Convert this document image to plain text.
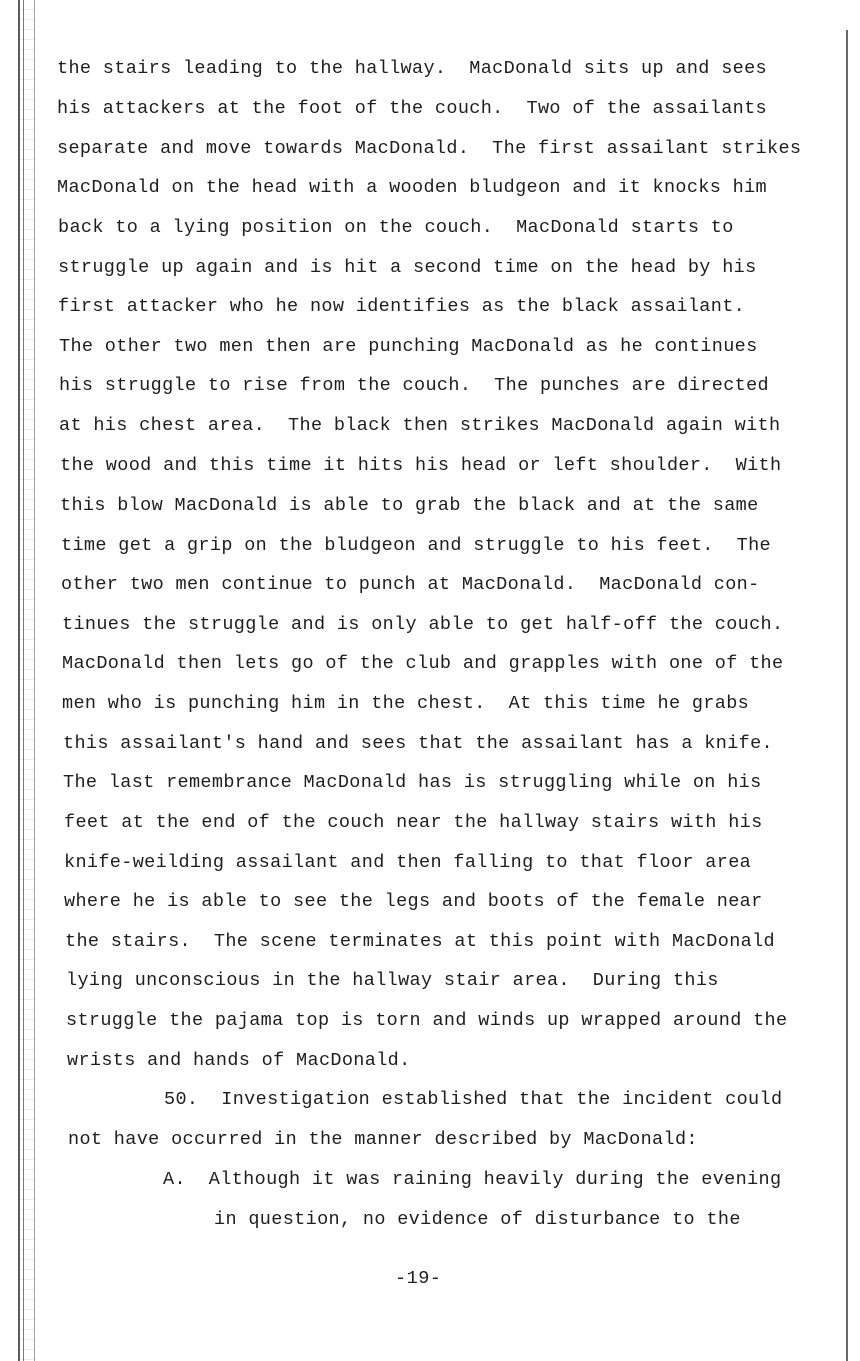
the stairs leading to the hallway.  MacDonald sits up and sees
his attackers at the foot of the couch.  Two of the assailants
separate and move towards MacDonald.  The first assailant strikes
MacDonald on the head with a wooden bludgeon and it knocks him
back to a lying position on the couch.  MacDonald starts to
struggle up again and is hit a second time on the head by his
first attacker who he now identifies as the black assailant.
The other two men then are punching MacDonald as he continues
his struggle to rise from the couch.  The punches are directed
at his chest area.  The black then strikes MacDonald again with
the wood and this time it hits his head or left shoulder.  With
this blow MacDonald is able to grab the black and at the same
time get a grip on the bludgeon and struggle to his feet.  The
other two men continue to punch at MacDonald.  MacDonald con-
tinues the struggle and is only able to get half-off the couch.
MacDonald then lets go of the club and grapples with one of the
men who is punching him in the chest.  At this time he grabs
this assailant's hand and sees that the assailant has a knife.
The last remembrance MacDonald has is struggling while on his
feet at the end of the couch near the hallway stairs with his
knife-weilding assailant and then falling to that floor area
where he is able to see the legs and boots of the female near
the stairs.  The scene terminates at this point with MacDonald
lying unconscious in the hallway stair area.  During this
struggle the pajama top is torn and winds up wrapped around the
wrists and hands of MacDonald.
50.  Investigation established that the incident could
not have occurred in the manner described by MacDonald:
A.  Although it was raining heavily during the evening
in question, no evidence of disturbance to the
-19-
